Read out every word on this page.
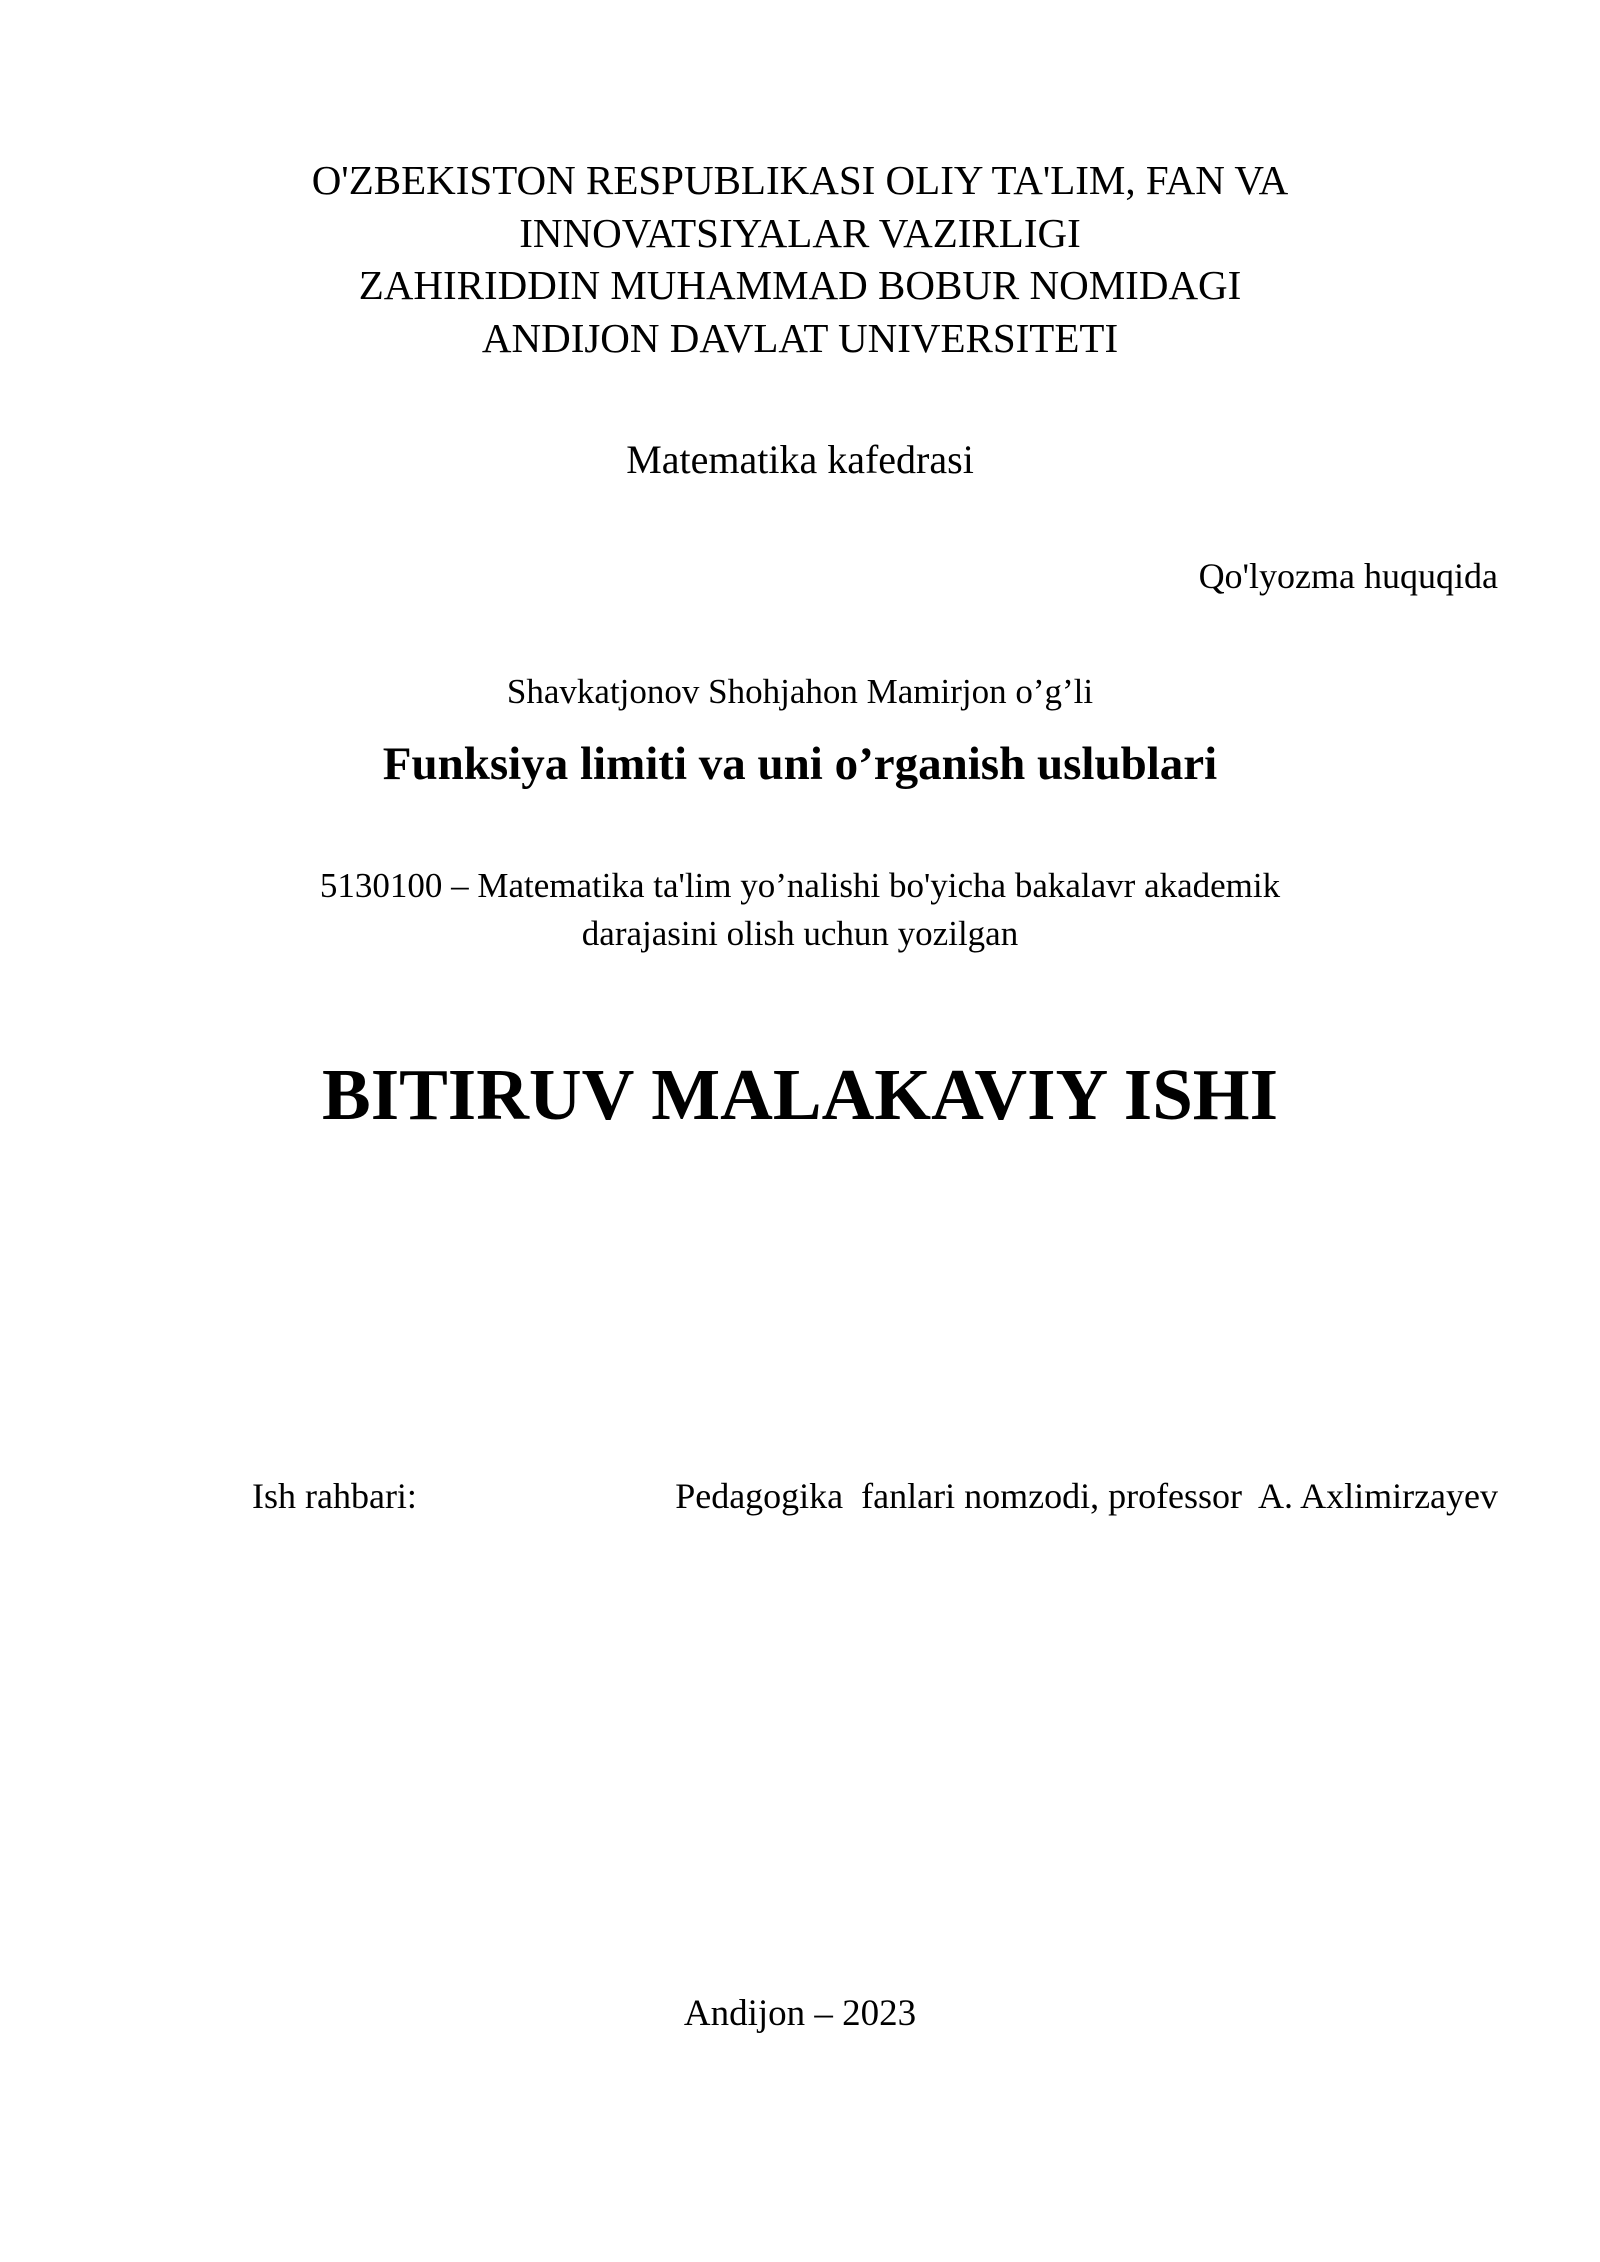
O'ZBEKISTON RESPUBLIKASI OLIY TA'LIM, FAN VA
INNOVATSIYALAR VAZIRLIGI
ZAHIRIDDIN MUHAMMAD BOBUR NOMIDAGI
ANDIJON DAVLAT UNIVERSITETI
Matematika kafedrasi
Qo'lyozma huquqida
Shavkatjonov Shohjahon Mamirjon o’g’li
Funksiya limiti va uni o’rganish uslublari
5130100 – Matematika ta'lim yo’nalishi bo'yicha bakalavr akademik
darajasini olish uchun yozilgan
BITIRUV MALAKAVIY ISHI
Ish rahbari:	Pedagogika  fanlari nomzodi, professor  A. Axlimirzayev
Andijon – 2023
